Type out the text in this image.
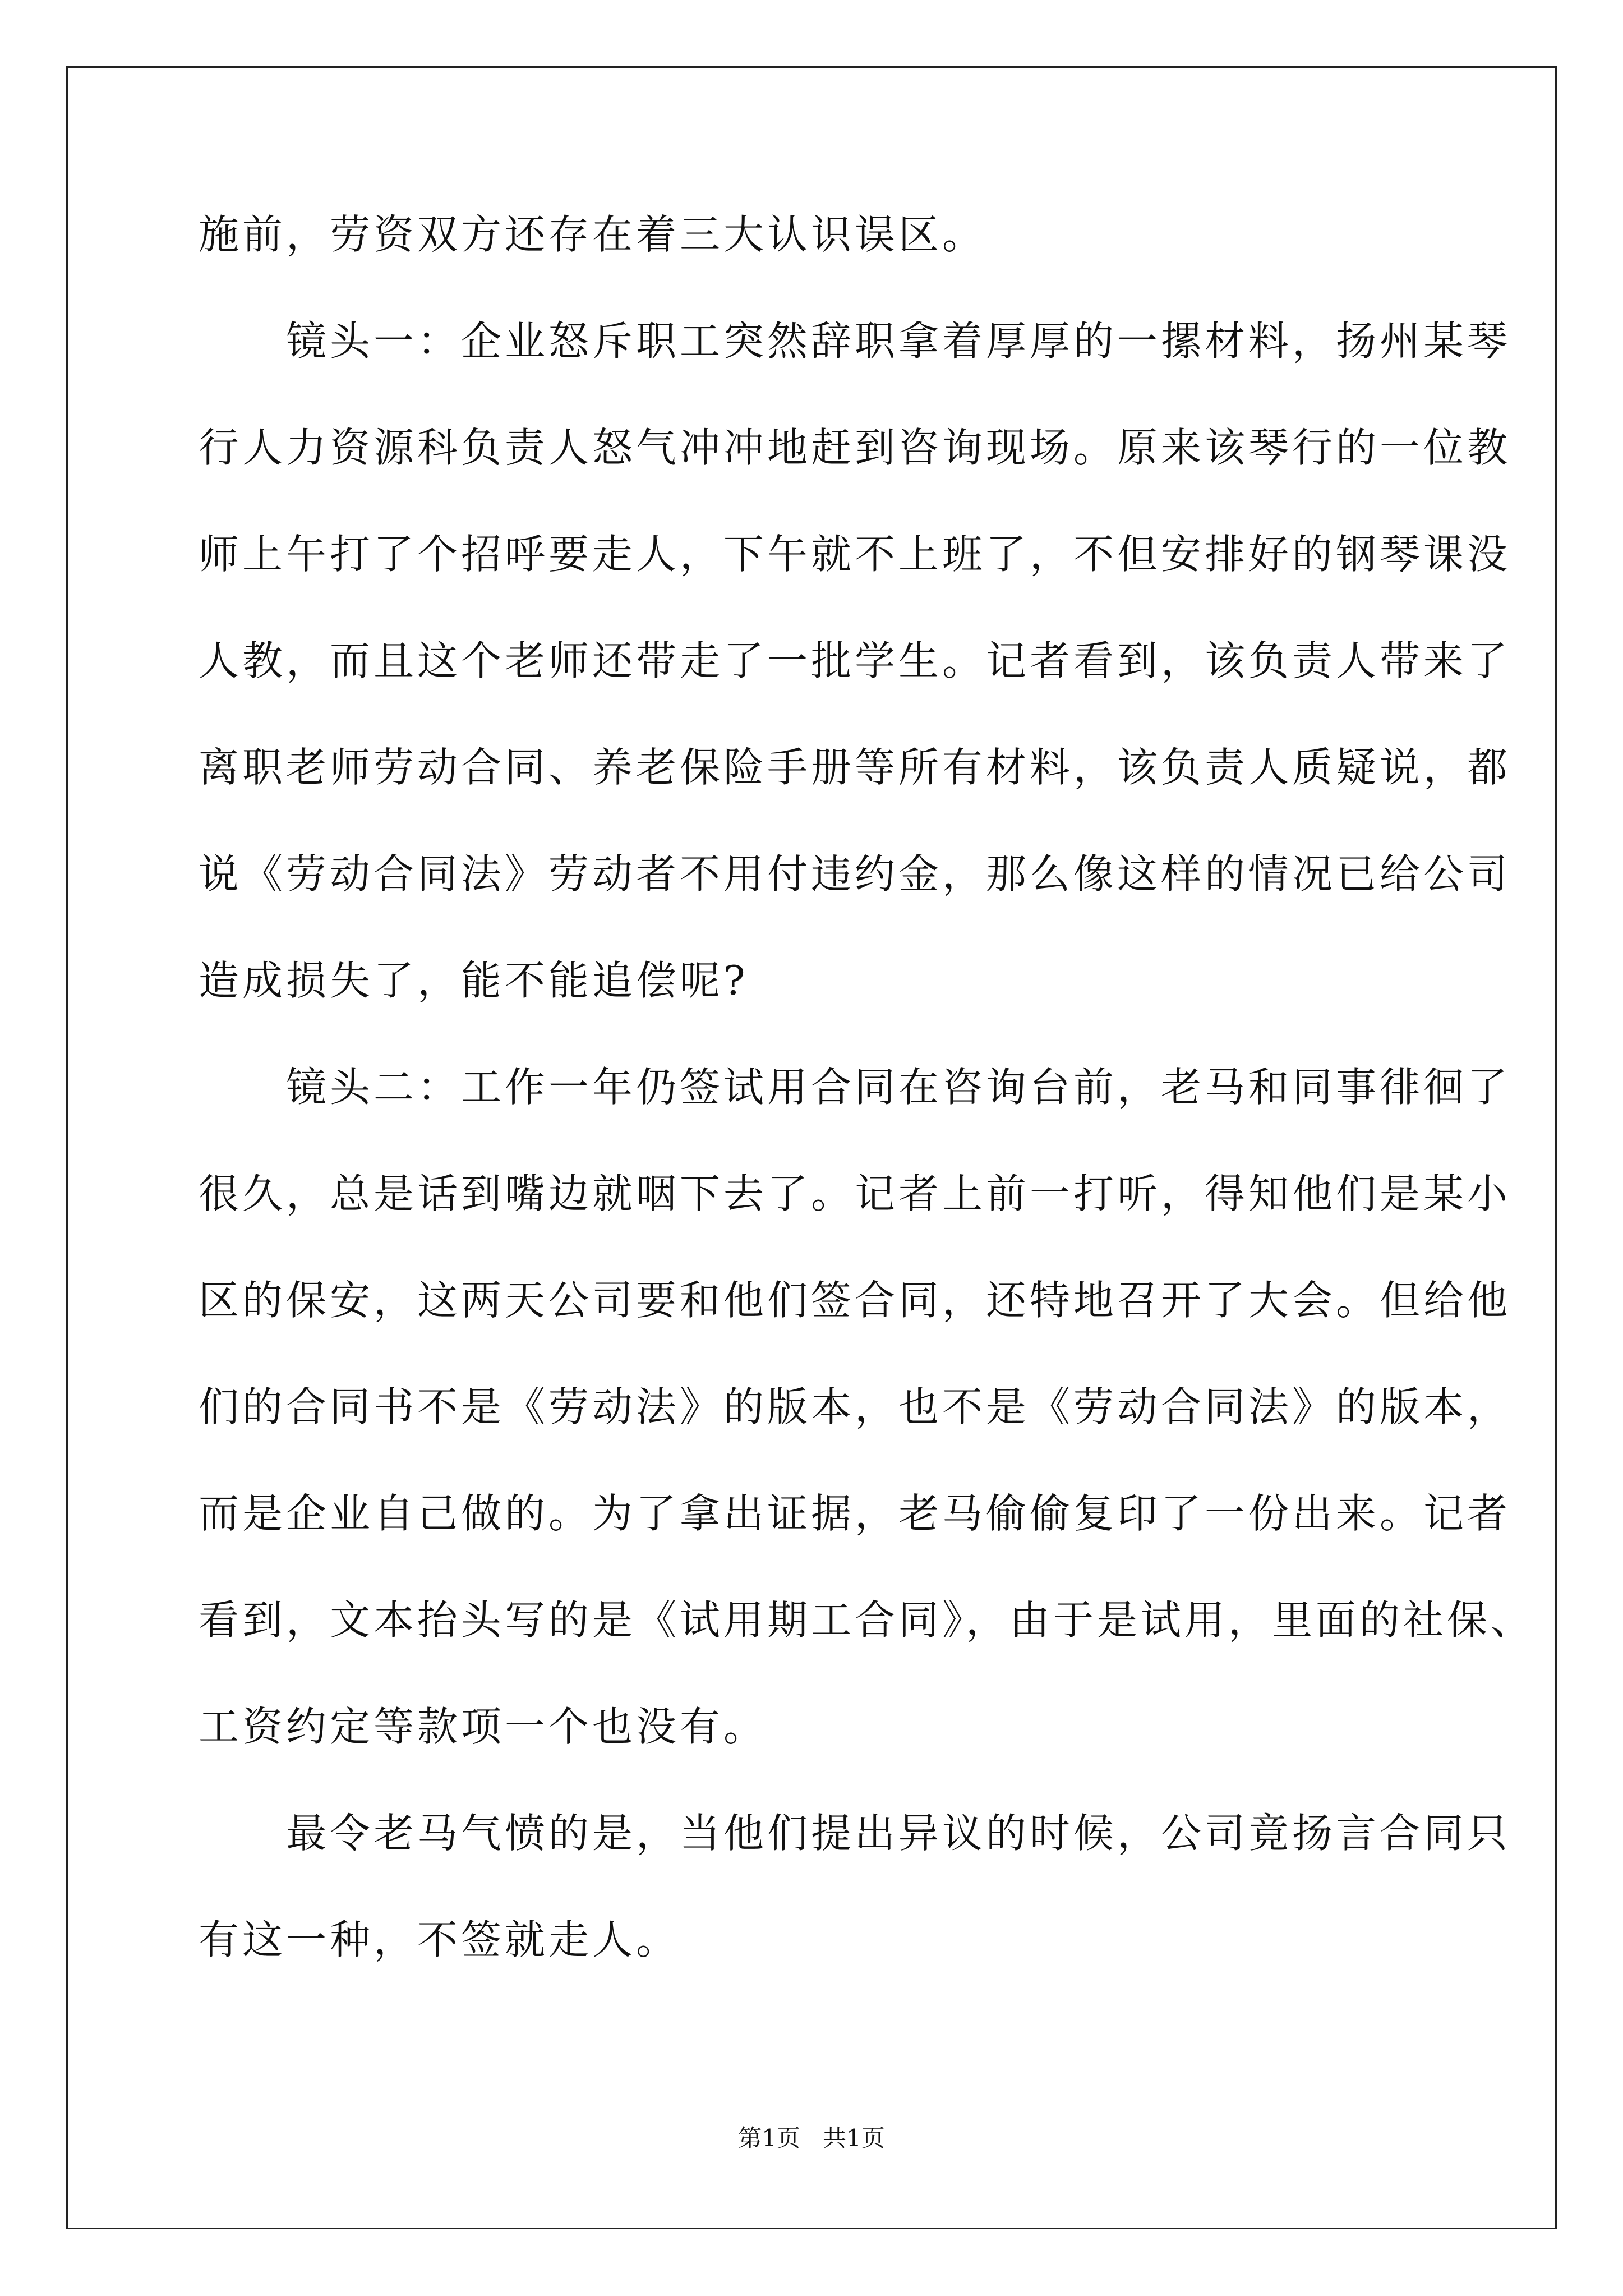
施前，劳资双方还存在着三大认识误区。
　　镜头一：企业怒斥职工突然辞职拿着厚厚的一摞材料，扬州某琴
行人力资源科负责人怒气冲冲地赶到咨询现场。原来该琴行的一位教
师上午打了个招呼要走人，下午就不上班了，不但安排好的钢琴课没
人教，而且这个老师还带走了一批学生。记者看到，该负责人带来了
离职老师劳动合同、养老保险手册等所有材料，该负责人质疑说，都
说《劳动合同法》劳动者不用付违约金，那么像这样的情况已给公司
造成损失了，能不能追偿呢?
　　镜头二：工作一年仍签试用合同在咨询台前，老马和同事徘徊了
很久，总是话到嘴边就咽下去了。记者上前一打听，得知他们是某小
区的保安，这两天公司要和他们签合同，还特地召开了大会。但给他
们的合同书不是《劳动法》的版本，也不是《劳动合同法》的版本，
而是企业自己做的。为了拿出证据，老马偷偷复印了一份出来。记者
看到，文本抬头写的是《试用期工合同》，由于是试用，里面的社保、
工资约定等款项一个也没有。
　　最令老马气愤的是，当他们提出异议的时候，公司竟扬言合同只
有这一种，不签就走人。
第1页   共1页
